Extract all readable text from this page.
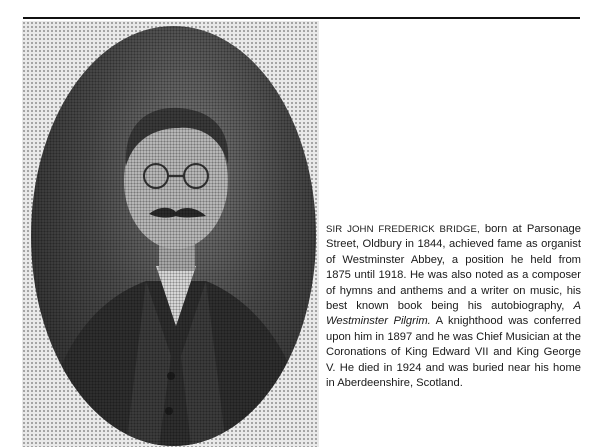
SIR JOHN FREDERICK BRIDGE, born at Parsonage Street, Oldbury in 1844, achieved fame as organist of Westminster Abbey, a position he held from 1875 until 1918. He was also noted as a composer of hymns and anthems and a writer on music, his best known book being his autobiography, A Westminster Pilgrim. A knighthood was conferred upon him in 1897 and he was Chief Musician at the Coronations of King Edward VII and King George V. He died in 1924 and was buried near his home in Aberdeenshire, Scotland.
